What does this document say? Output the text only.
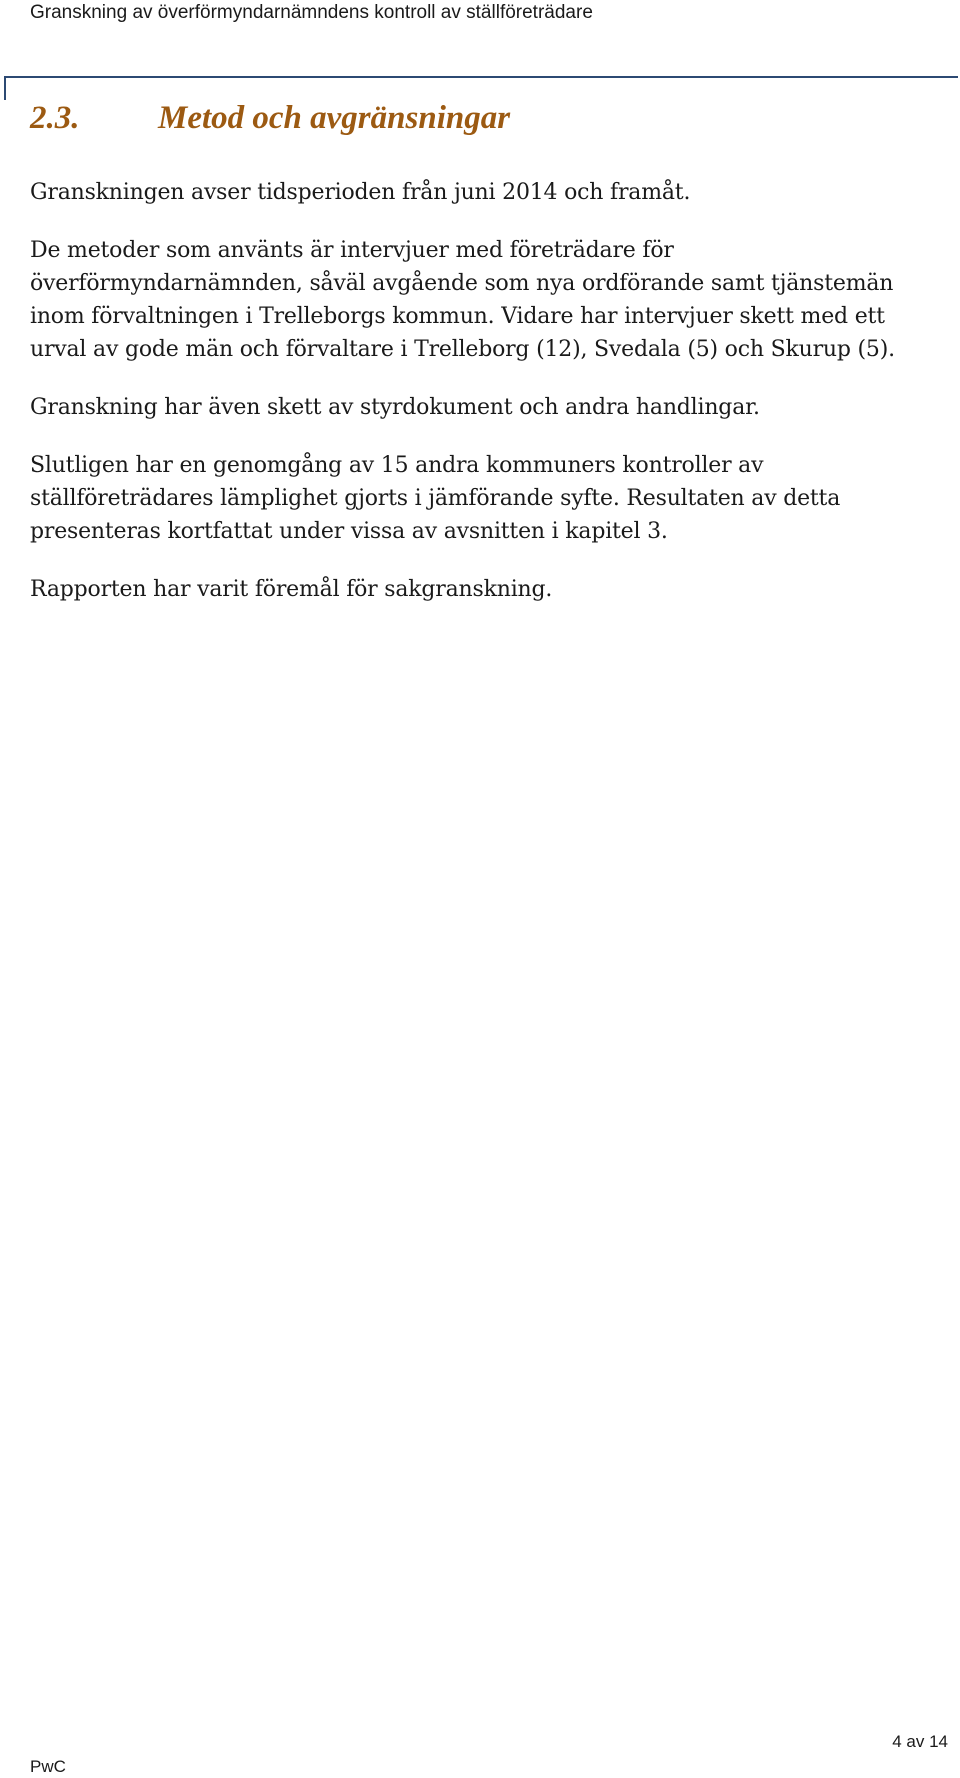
Granskning av överförmyndarnämndens kontroll av ställföreträdare
2.3. Metod och avgränsningar

Granskningen avser tidsperioden från juni 2014 och framåt.

De metoder som använts är intervjuer med företrädare för överförmyndarnämnden, såväl avgående som nya ordförande samt tjänstemän inom förvaltningen i Trelleborgs kommun. Vidare har intervjuer skett med ett urval av gode män och förvaltare i Trelleborg (12), Svedala (5) och Skurup (5).

Granskning har även skett av styrdokument och andra handlingar.

Slutligen har en genomgång av 15 andra kommuners kontroller av ställföreträdares lämplighet gjorts i jämförande syfte. Resultaten av detta presenteras kortfattat under vissa av avsnitten i kapitel 3.

Rapporten har varit föremål för sakgranskning.

4 av 14
PwC
